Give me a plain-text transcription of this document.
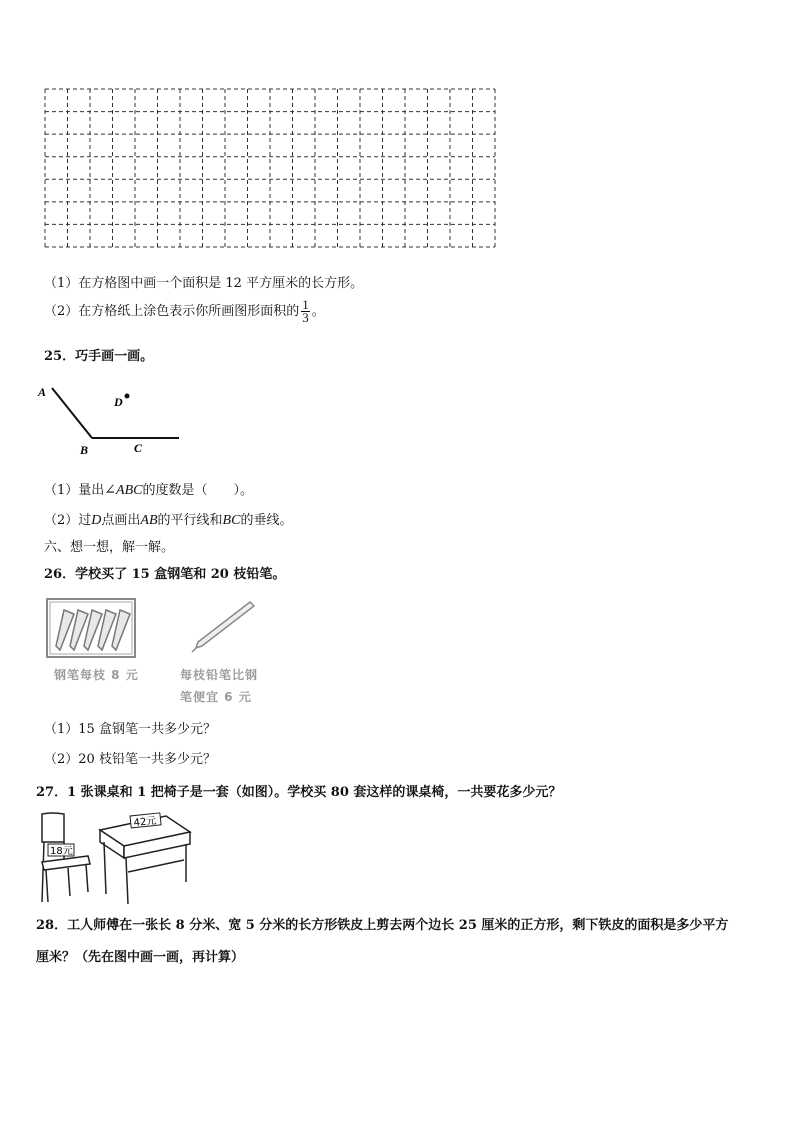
（1）在方格图中画一个面积是 12 平方厘米的长方形。
（2）在方格纸上涂色表示你所画图形面积的 $\frac{1}{3}$ 。
25．巧手画一画。
A
B	C
D
（1）量出∠ABC的度数是（　　）。
（2）过D点画出AB的平行线和BC的垂线。
六、想一想，解一解。
26．学校买了 15 盒钢笔和 20 枝铅笔。
钢笔每枝 8 元	每枝铅笔比钢
笔便宜 6 元
（1）15 盒钢笔一共多少元？
（2）20 枝铅笔一共多少元？
27．1 张课桌和 1 把椅子是一套（如图）。学校买 80 套这样的课桌椅，一共要花多少元？
18元
42元
28．工人师傅在一张长 8 分米、宽 5 分米的长方形铁皮上剪去两个边长 25 厘米的正方形，剩下铁皮的面积是多少平方
厘米？（先在图中画一画，再计算）
